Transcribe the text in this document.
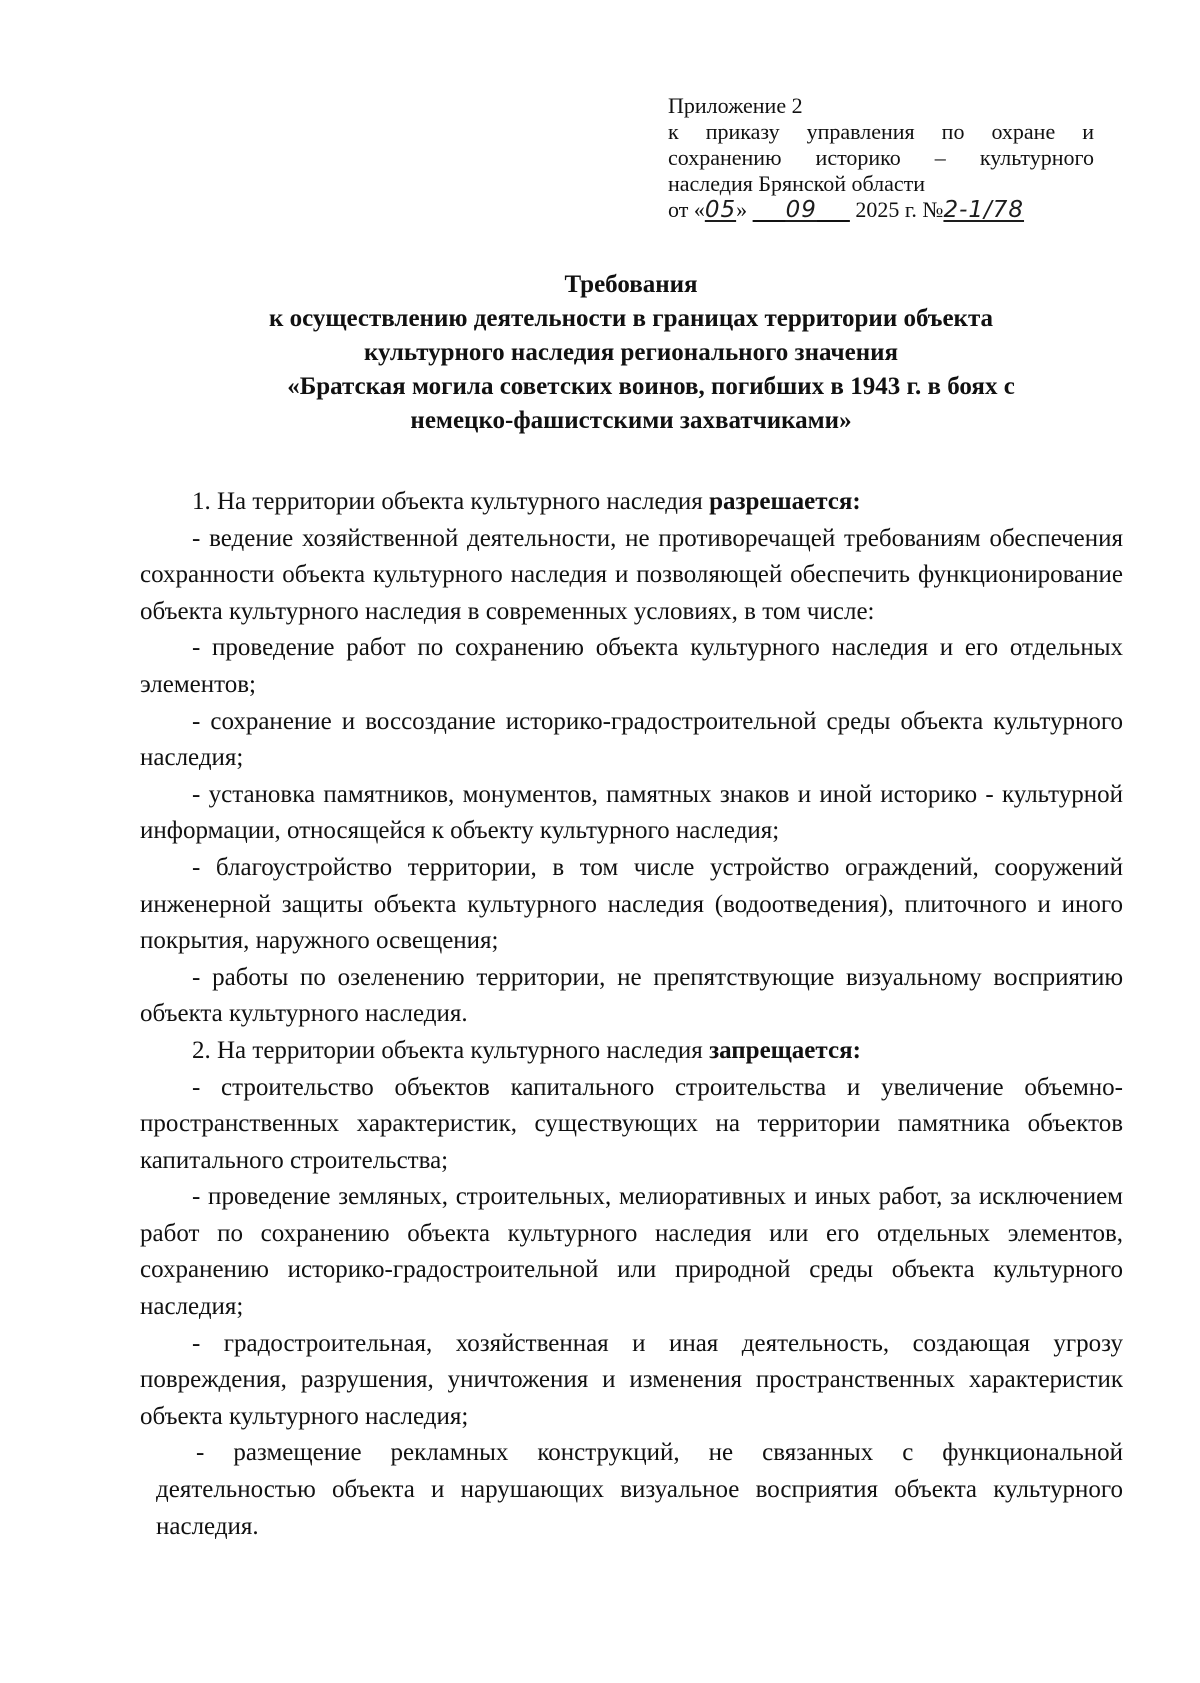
Приложение 2
к приказу управления по охране и
сохранению историко – культурного
наследия Брянской области
от «05» 09 2025 г. №2-1/78
Требования
к осуществлению деятельности в границах территории объекта
культурного наследия регионального значения
«Братская могила советских воинов, погибших в 1943 г. в боях с
немецко-фашистскими захватчиками»

1. На территории объекта культурного наследия разрешается:

- ведение хозяйственной деятельности, не противоречащей требованиям обеспечения сохранности объекта культурного наследия и позволяющей обеспечить функционирование объекта культурного наследия в современных условиях, в том числе:

- проведение работ по сохранению объекта культурного наследия и его отдельных элементов;

- сохранение и воссоздание историко-градостроительной среды объекта культурного наследия;

- установка памятников, монументов, памятных знаков и иной историко - культурной информации, относящейся к объекту культурного наследия;

- благоустройство территории, в том числе устройство ограждений, сооружений инженерной защиты объекта культурного наследия (водоотведения), плиточного и иного покрытия, наружного освещения;

- работы по озеленению территории, не препятствующие визуальному восприятию объекта культурного наследия.

2. На территории объекта культурного наследия запрещается:

- строительство объектов капитального строительства и увеличение объемно-пространственных характеристик, существующих на территории памятника объектов капитального строительства;

- проведение земляных, строительных, мелиоративных и иных работ, за исключением работ по сохранению объекта культурного наследия или его отдельных элементов, сохранению историко-градостроительной или природной среды объекта культурного наследия;

- градостроительная, хозяйственная и иная деятельность, создающая угрозу повреждения, разрушения, уничтожения и изменения пространственных характеристик объекта культурного наследия;

- размещение рекламных конструкций, не связанных с функциональной деятельностью объекта и нарушающих визуальное восприятия объекта культурного наследия.
